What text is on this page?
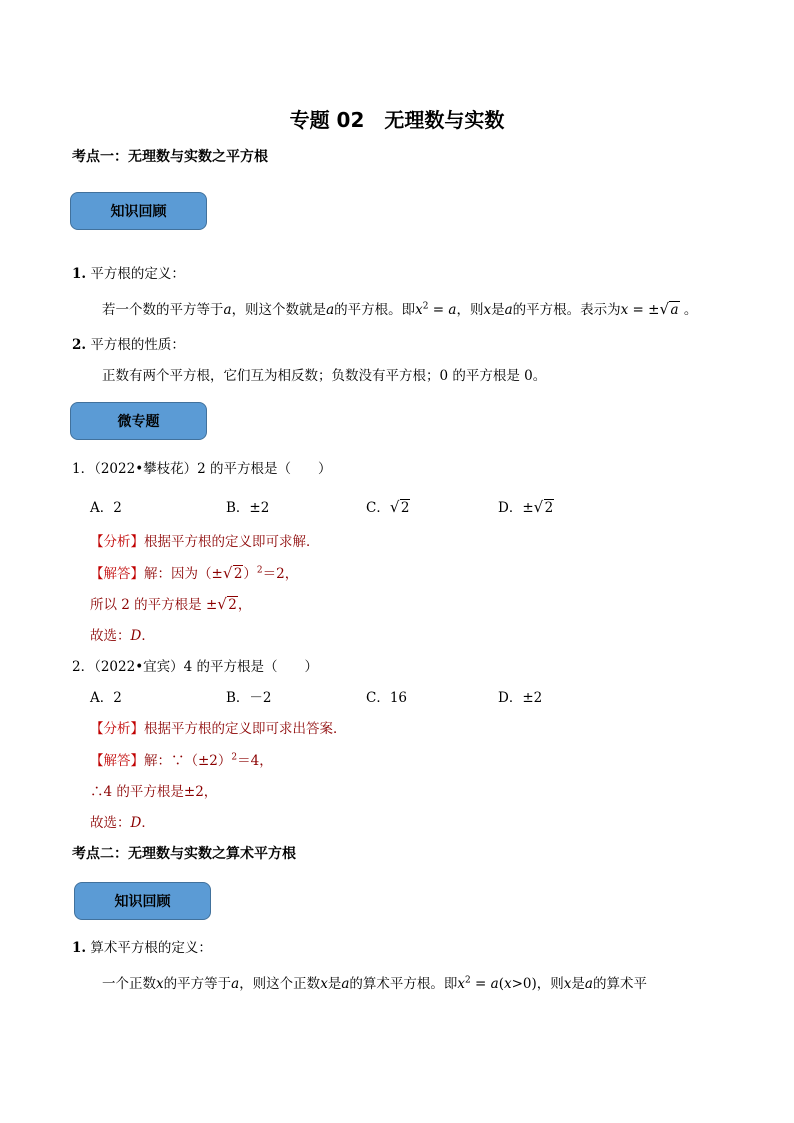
专题 02　无理数与实数
考点一：无理数与实数之平方根
知识回顾
1. 平方根的定义：
若一个数的平方等于a，则这个数就是a的平方根。即$x^2 = a$，则x是a的平方根。表示为x = ± √ a 。
2. 平方根的性质：
正数有两个平方根，它们互为相反数；负数没有平方根；0 的平方根是 0。
微专题
1．（2022•攀枝花）2 的平方根是（　　）
A．2	B．±2	C． √ 2	D．± √ 2
【分析】根据平方根的定义即可求解．
【解答】解：因为（± √ 2）$^2$＝2，
所以 2 的平方根是 ± √ 2，
故选：D．
2．（2022•宜宾）4 的平方根是（　　）
A．2	B．－2	C．16	D．±2
【分析】根据平方根的定义即可求出答案．
【解答】解：$\because(\pm 2)^2=4$，
∴4 的平方根是±2，
故选：D．
考点二：无理数与实数之算术平方根
知识回顾
1. 算术平方根的定义：
一个正数x的平方等于a，则这个正数x是a的算术平方根。即$x^2 = a(x>0)$，则x是a的算术平
